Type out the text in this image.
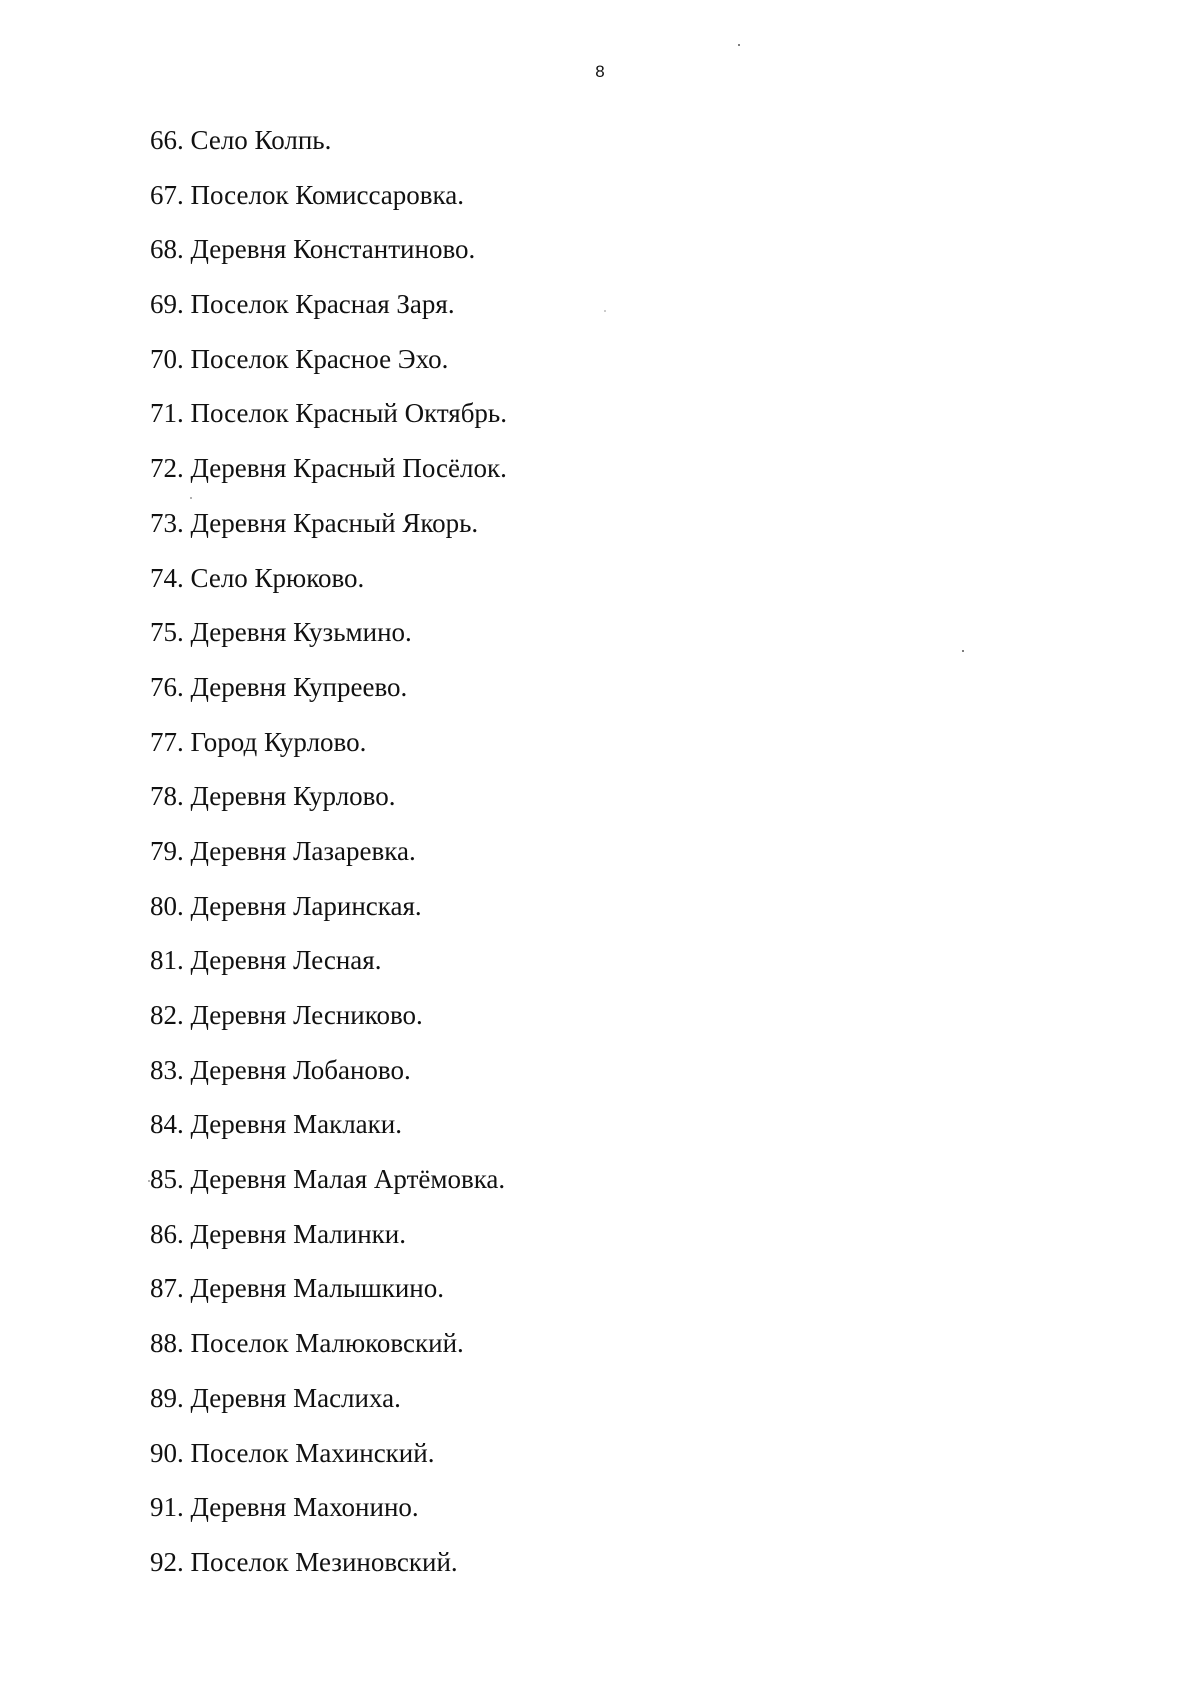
8
66. Село Колпь.
67. Поселок Комиссаровка.
68. Деревня Константиново.
69. Поселок Красная Заря.
70. Поселок Красное Эхо.
71. Поселок Красный Октябрь.
72. Деревня Красный Посёлок.
73. Деревня Красный Якорь.
74. Село Крюково.
75. Деревня Кузьмино.
76. Деревня Купреево.
77. Город Курлово.
78. Деревня Курлово.
79. Деревня Лазаревка.
80. Деревня Ларинская.
81. Деревня Лесная.
82. Деревня Лесниково.
83. Деревня Лобаново.
84. Деревня Маклаки.
85. Деревня Малая Артёмовка.
86. Деревня Малинки.
87. Деревня Малышкино.
88. Поселок Малюковский.
89. Деревня Маслиха.
90. Поселок Махинский.
91. Деревня Махонино.
92. Поселок Мезиновский.
